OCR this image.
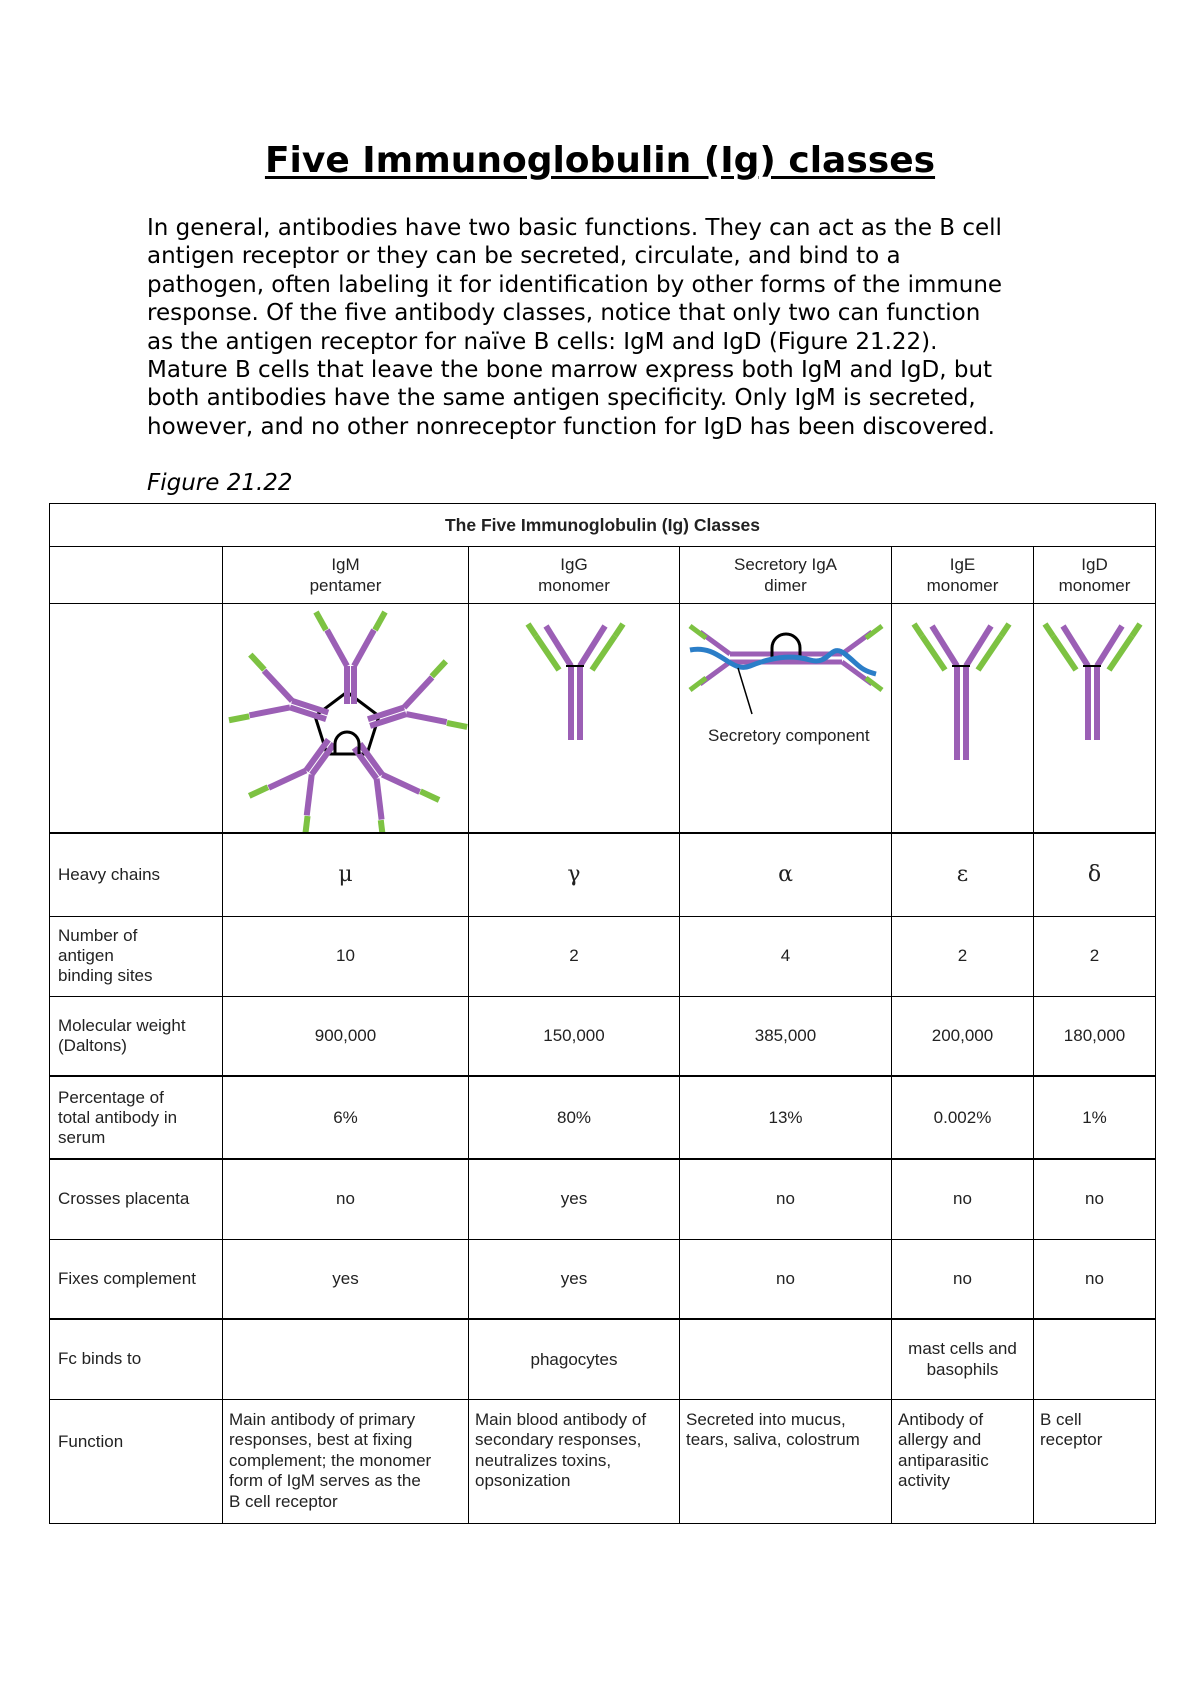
Five Immunoglobulin (Ig) classes
In general, antibodies have two basic functions. They can act as the B cell
antigen receptor or they can be secreted, circulate, and bind to a
pathogen, often labeling it for identification by other forms of the immune
response. Of the five antibody classes, notice that only two can function
as the antigen receptor for naïve B cells: IgM and IgD (Figure 21.22).
Mature B cells that leave the bone marrow express both IgM and IgD, but
both antibodies have the same antigen specificity. Only IgM is secreted,
however, and no other nonreceptor function for IgD has been discovered.
Figure 21.22
The Five Immunoglobulin (Ig) Classes					

	IgM
pentamer	IgG
monomer	Secretory IgA
dimer	IgE
monomer	IgD
monomer

Secretory component

Heavy chains	μ	γ	α	ε	δ

Number of
antigen
binding sites	10	2	4	2	2

Molecular weight
(Daltons)	900,000	150,000	385,000	200,000	180,000

Percentage of
total antibody in
serum	6%	80%	13%	0.002%	1%
Crosses placenta	no	yes	no	no	no
Fixes complement	yes	yes	no	no	no
Fc binds to		phagocytes		mast cells and
basophils	

Function	Main antibody of primary
responses, best at fixing
complement; the monomer
form of IgM serves as the
B cell receptor	Main blood antibody of
secondary responses,
neutralizes toxins,
opsonization	Secreted into mucus,
tears, saliva, colostrum	Antibody of
allergy and
antiparasitic
activity	B cell
receptor
